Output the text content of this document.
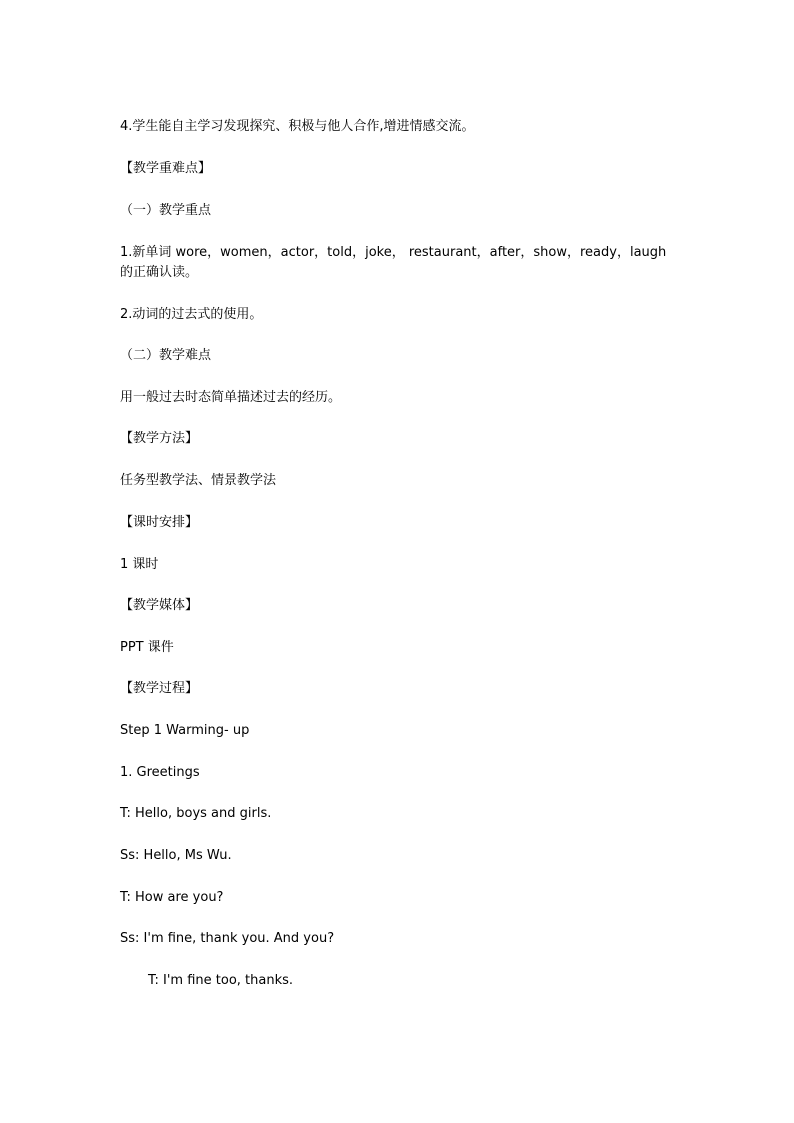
4.学生能自主学习发现探究、积极与他人合作,增进情感交流。
【教学重难点】
（一）教学重点
1.新单词 wore，women，actor，told，joke， restaurant，after，show，ready，laugh 的正确认读。
2.动词的过去式的使用。
（二）教学难点
用一般过去时态简单描述过去的经历。
【教学方法】
任务型教学法、情景教学法
【课时安排】
1 课时
【教学媒体】
PPT 课件
【教学过程】
Step 1 Warming- up
1. Greetings
T: Hello, boys and girls.
Ss: Hello, Ms Wu.
T: How are you?
Ss: I'm fine, thank you. And you?
T: I'm fine too, thanks.
